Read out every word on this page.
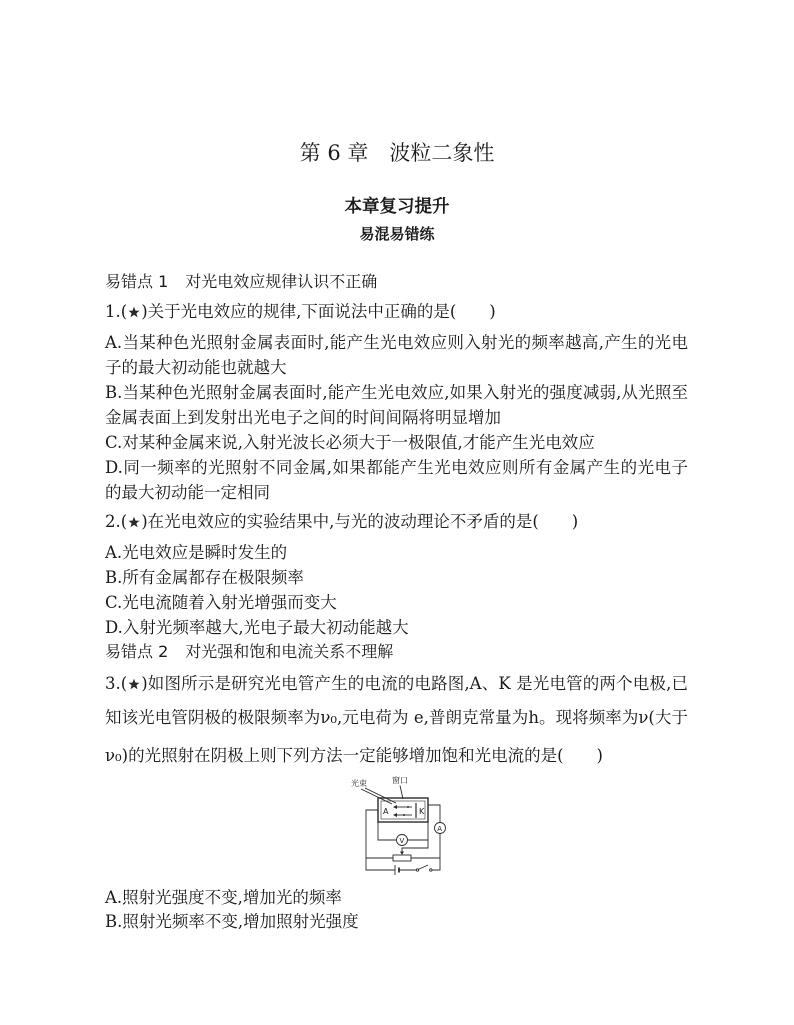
第 6 章　波粒二象性
本章复习提升
易混易错练
易错点 1 对光电效应规律认识不正确
1.( )关于光电效应的规律,下面说法中正确的是(　　)
A.当某种色光照射金属表面时,能产生光电效应则入射光的频率越高,产生的光电
子的最大初动能也就越大
B.当某种色光照射金属表面时,能产生光电效应,如果入射光的强度减弱,从光照至
金属表面上到发射出光电子之间的时间间隔将明显增加
C.对某种金属来说,入射光波长必须大于一极限值,才能产生光电效应
D.同一频率的光照射不同金属,如果都能产生光电效应则所有金属产生的光电子
的最大初动能一定相同
2.( )在光电效应的实验结果中,与光的波动理论不矛盾的是(　　)
A.光电效应是瞬时发生的
B.所有金属都存在极限频率
C.光电流随着入射光增强而变大
D.入射光频率越大,光电子最大初动能越大
易错点 2 对光强和饱和电流关系不理解
3.( )如图所示是研究光电管产生的电流的电路图,A、K 是光电管的两个电极,已
知该光电管阴极的极限频率为ν₀,元电荷为 e,普朗克常量为h。现将频率为ν(大于
ν₀)的光照射在阴极上则下列方法一定能够增加饱和光电流的是(　　)
光束	窗口
A	K
A
V
A.照射光强度不变,增加光的频率
B.照射光频率不变,增加照射光强度
